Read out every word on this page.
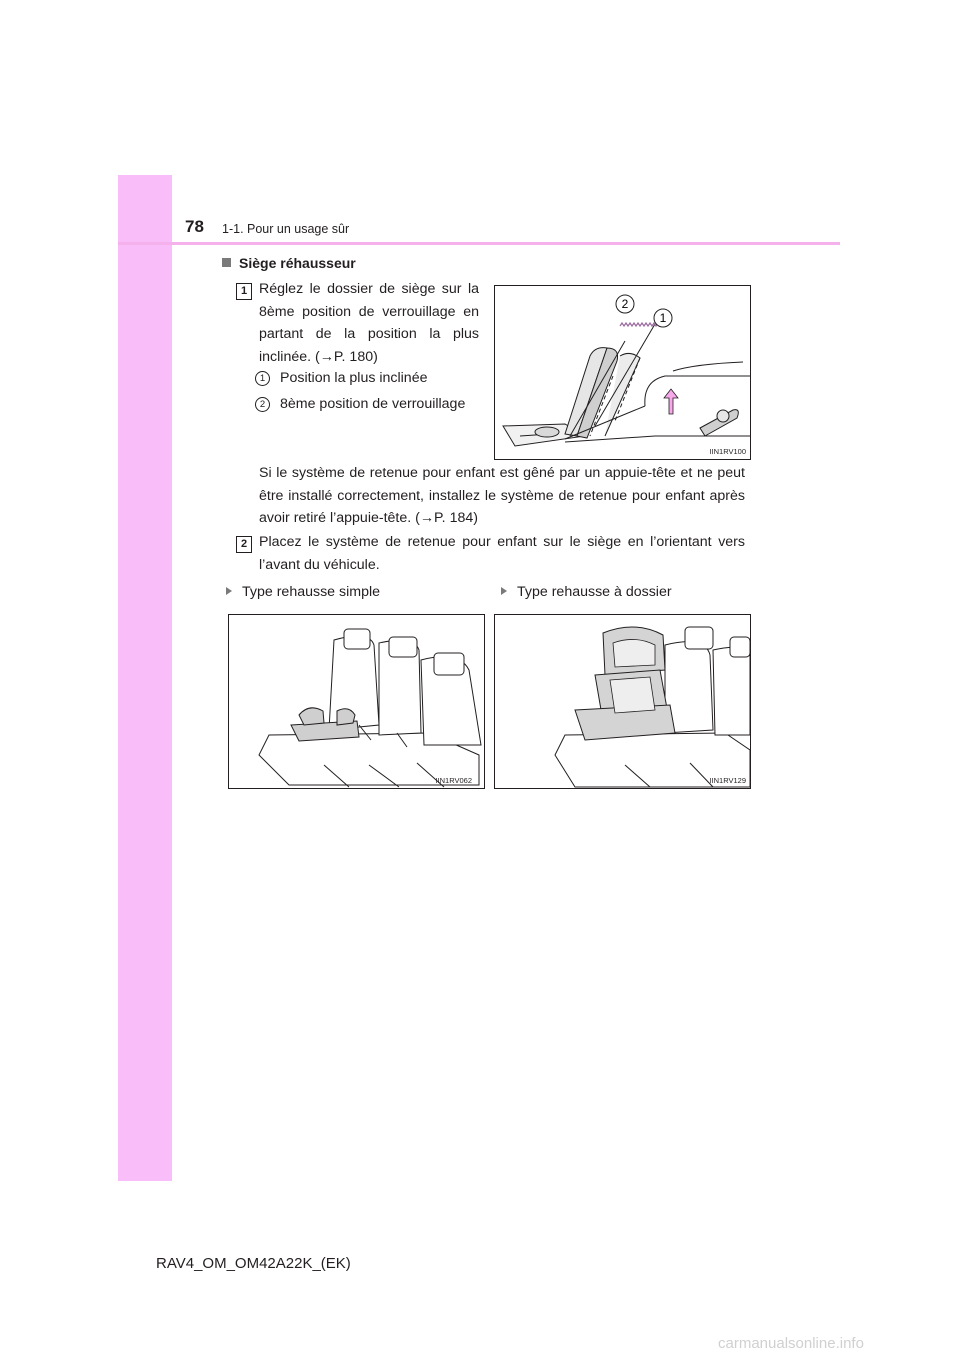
78 1-1. Pour un usage sûr
Siège réhausseur
1 Réglez le dossier de siège sur la 8ème position de verrouillage en partant de la position la plus inclinée. (→P. 180)
1	Position la plus inclinée
2	8ème position de verrouillage
2
1
IIN1RV100
Si le système de retenue pour enfant est gêné par un appuie-tête et ne peut être installé correctement, installez le système de retenue pour enfant après avoir retiré l’appuie-tête. (→P. 184)
2 Placez le système de retenue pour enfant sur le siège en l’orientant vers l’avant du véhicule.
Type rehausse simple	Type rehausse à dossier
IIN1RV062	IIN1RV129
RAV4_OM_OM42A22K_(EK)
carmanualsonline.info
